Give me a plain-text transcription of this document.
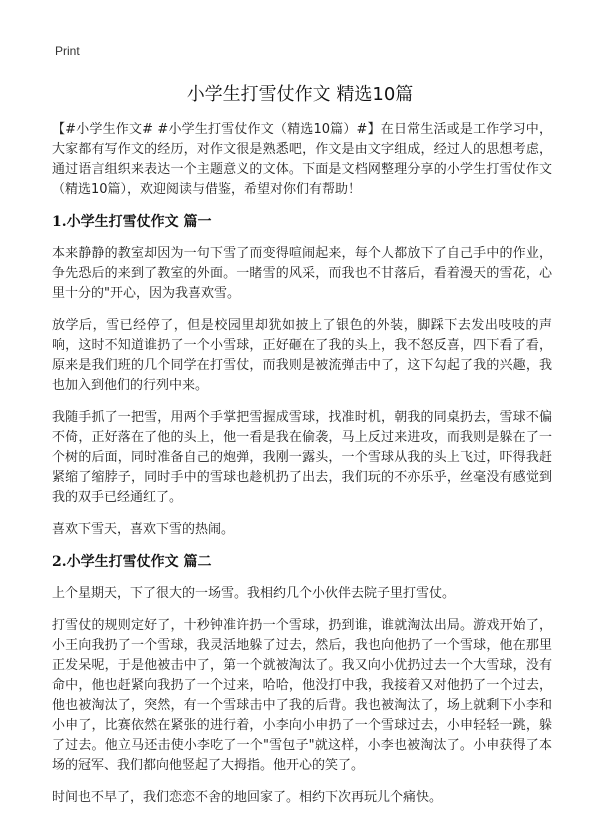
Print
小学生打雪仗作文 精选10篇

【#小学生作文# #小学生打雪仗作文（精选10篇）#】在日常生活或是工作学习中，大家都有写作文的经历，对作文很是熟悉吧，作文是由文字组成，经过人的思想考虑，通过语言组织来表达一个主题意义的文体。下面是文档网整理分享的小学生打雪仗作文（精选10篇），欢迎阅读与借鉴，希望对你们有帮助！

1.小学生打雪仗作文 篇一

本来静静的教室却因为一句下雪了而变得喧闹起来，每个人都放下了自己手中的作业，争先恐后的来到了教室的外面。一睹雪的风采，而我也不甘落后，看着漫天的雪花，心里十分的"开心，因为我喜欢雪。

放学后，雪已经停了，但是校园里却犹如披上了银色的外装，脚踩下去发出吱吱的声响，这时不知道谁扔了一个小雪球，正好砸在了我的头上，我不怒反喜，四下看了看，原来是我们班的几个同学在打雪仗，而我则是被流弹击中了，这下勾起了我的兴趣，我也加入到他们的行列中来。

我随手抓了一把雪，用两个手掌把雪握成雪球，找准时机，朝我的同桌扔去，雪球不偏不倚，正好落在了他的头上，他一看是我在偷袭，马上反过来进攻，而我则是躲在了一个树的后面，同时准备自己的炮弹，我刚一露头，一个雪球从我的头上飞过，吓得我赶紧缩了缩脖子，同时手中的雪球也趁机扔了出去，我们玩的不亦乐乎，丝毫没有感觉到我的双手已经通红了。

喜欢下雪天，喜欢下雪的热闹。

2.小学生打雪仗作文 篇二

上个星期天，下了很大的一场雪。我相约几个小伙伴去院子里打雪仗。

打雪仗的规则定好了，十秒钟准许扔一个雪球，扔到谁，谁就淘汰出局。游戏开始了，小王向我扔了一个雪球，我灵活地躲了过去，然后，我也向他扔了一个雪球，他在那里正发呆呢，于是他被击中了，第一个就被淘汰了。我又向小优扔过去一个大雪球，没有命中，他也赶紧向我扔了一个过来，哈哈，他没打中我，我接着又对他扔了一个过去，他也被淘汰了，突然，有一个雪球击中了我的后背。我也被淘汰了，场上就剩下小李和小申了，比赛依然在紧张的进行着，小李向小申扔了一个雪球过去，小申轻轻一跳，躲了过去。他立马还击使小李吃了一个"雪包子"就这样，小李也被淘汰了。小申获得了本场的冠军、我们都向他竖起了大拇指。他开心的笑了。

时间也不早了，我们恋恋不舍的地回家了。相约下次再玩儿个痛快。
